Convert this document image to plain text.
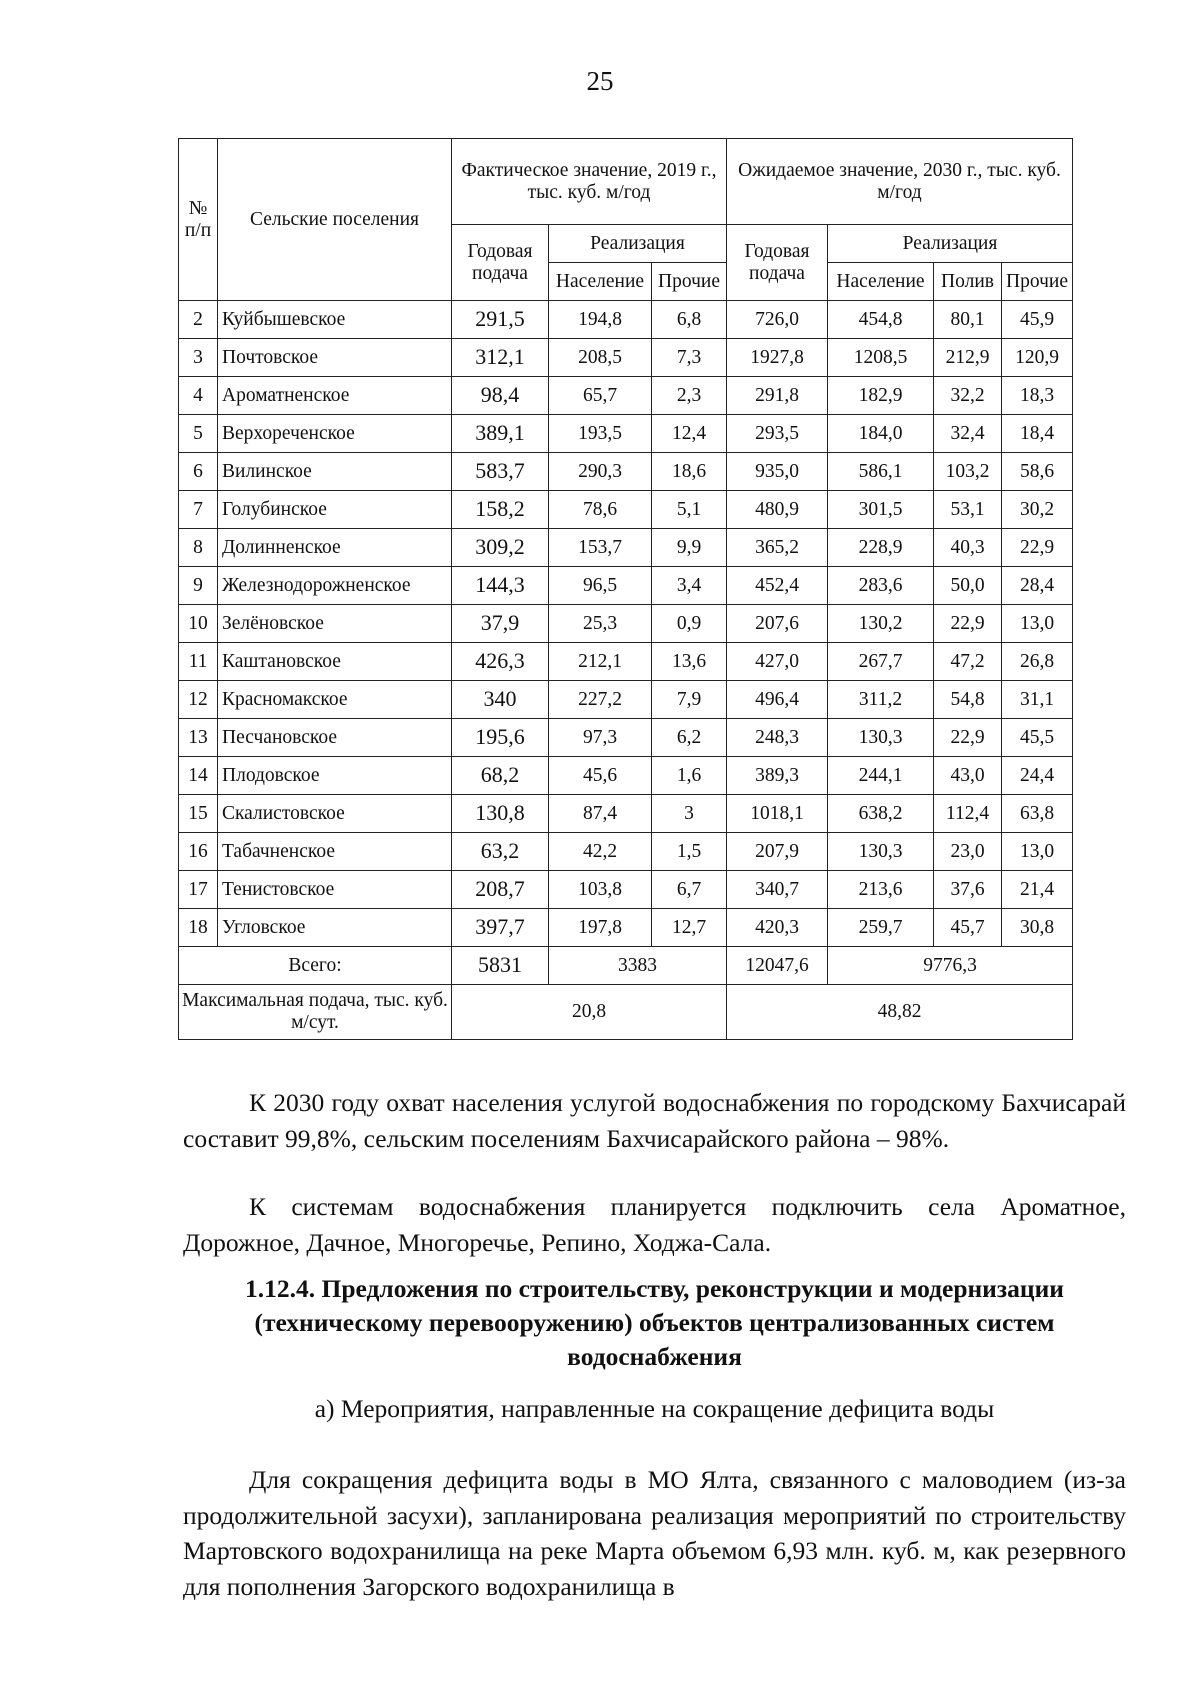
25
№ п/п	Сельские поселения	Фактическое значение, 2019 г., тыс. куб. м/год			Ожидаемое значение, 2030 г., тыс. куб. м/год			
		Годовая подача	Реализация		Годовая подача	Реализация		
			Население	Прочие		Население	Полив	Прочие
2	Куйбышевское	291,5	194,8	6,8	726,0	454,8	80,1	45,9
3	Почтовское	312,1	208,5	7,3	1927,8	1208,5	212,9	120,9
4	Ароматненское	98,4	65,7	2,3	291,8	182,9	32,2	18,3
5	Верхореченское	389,1	193,5	12,4	293,5	184,0	32,4	18,4
6	Вилинское	583,7	290,3	18,6	935,0	586,1	103,2	58,6
7	Голубинское	158,2	78,6	5,1	480,9	301,5	53,1	30,2
8	Долинненское	309,2	153,7	9,9	365,2	228,9	40,3	22,9
9	Железнодорожненское	144,3	96,5	3,4	452,4	283,6	50,0	28,4
10	Зелёновское	37,9	25,3	0,9	207,6	130,2	22,9	13,0
11	Каштановское	426,3	212,1	13,6	427,0	267,7	47,2	26,8
12	Красномакское	340	227,2	7,9	496,4	311,2	54,8	31,1
13	Песчановское	195,6	97,3	6,2	248,3	130,3	22,9	45,5
14	Плодовское	68,2	45,6	1,6	389,3	244,1	43,0	24,4
15	Скалистовское	130,8	87,4	3	1018,1	638,2	112,4	63,8
16	Табачненское	63,2	42,2	1,5	207,9	130,3	23,0	13,0
17	Тенистовское	208,7	103,8	6,7	340,7	213,6	37,6	21,4
18	Угловское	397,7	197,8	12,7	420,3	259,7	45,7	30,8
Всего:		5831	3383		12047,6	9776,3		
Максимальная подача, тыс. куб. м/сут.		20,8			48,82			

К 2030 году охват населения услугой водоснабжения по городскому Бахчисарай составит 99,8%, сельским поселениям Бахчисарайского района – 98%.

К системам водоснабжения планируется подключить села Ароматное, Дорожное, Дачное, Многоречье, Репино, Ходжа-Сала.

1.12.4. Предложения по строительству, реконструкции и модернизации (техническому перевооружению) объектов централизованных систем водоснабжения

а) Мероприятия, направленные на сокращение дефицита воды

Для сокращения дефицита воды в МО Ялта, связанного с маловодием (из-за продолжительной засухи), запланирована реализация мероприятий по строительству Мартовского водохранилища на реке Марта объемом 6,93 млн. куб. м, как резервного для пополнения Загорского водохранилища в
